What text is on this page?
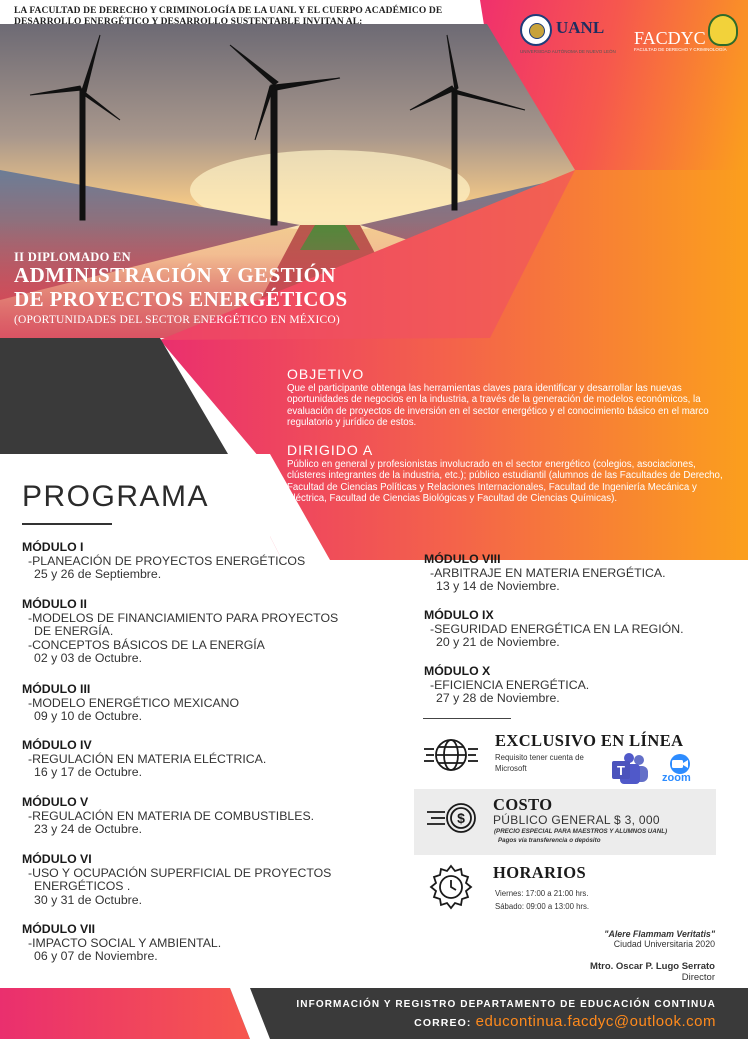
LA FACULTAD DE DERECHO Y CRIMINOLOGÍA DE LA UANL Y EL CUERPO ACADÉMICO DE DESARROLLO ENERGÉTICO Y DESARROLLO SUSTENTABLE INVITAN AL:	UANL
UNIVERSIDAD AUTÓNOMA DE NUEVO LEÓN
FACDYC
FACULTAD DE DERECHO Y CRIMINOLOGÍA
II DIPLOMADO EN
ADMINISTRACIÓN Y GESTIÓN
DE PROYECTOS ENERGÉTICOS
(OPORTUNIDADES DEL SECTOR ENERGÉTICO EN MÉXICO)
OBJETIVO
Que el participante obtenga las herramientas claves para identificar y desarrollar las nuevas oportunidades de negocios en la industria, a través de la generación de modelos económicos, la evaluación de proyectos de inversión en el sector energético y el conocimiento básico en el marco regulatorio y jurídico de estos.
DIRIGIDO A
Público en general y profesionistas involucrado en el sector energético (colegios, asociaciones, clústeres integrantes de la industria, etc.); público estudiantil (alumnos de las Facultades de Derecho, Facultad de Ciencias Políticas y Relaciones Internacionales, Facultad de Ingeniería Mecánica y Eléctrica, Facultad de Ciencias Biológicas y Facultad de Ciencias Químicas).
PROGRAMA
MÓDULO I
-PLANEACIÓN DE PROYECTOS ENERGÉTICOS
25 y 26 de Septiembre.
MÓDULO II
-MODELOS DE FINANCIAMIENTO PARA PROYECTOS
DE ENERGÍA.
-CONCEPTOS BÁSICOS DE LA ENERGÍA
02 y 03 de Octubre.
MÓDULO III
-MODELO ENERGÉTICO MEXICANO
09 y 10 de Octubre.
MÓDULO IV
-REGULACIÓN EN MATERIA ELÉCTRICA.
16 y 17 de Octubre.
MÓDULO V
-REGULACIÓN EN MATERIA DE COMBUSTIBLES.
23 y 24 de Octubre.
MÓDULO VI
-USO Y OCUPACIÓN SUPERFICIAL DE PROYECTOS
ENERGÉTICOS .
30 y 31 de Octubre.
MÓDULO VII
-IMPACTO SOCIAL Y AMBIENTAL.
06 y 07 de Noviembre.
MÓDULO VIII
-ARBITRAJE EN MATERIA ENERGÉTICA.
13 y 14 de Noviembre.
MÓDULO IX
-SEGURIDAD ENERGÉTICA EN LA REGIÓN.
20 y 21 de Noviembre.
MÓDULO X
-EFICIENCIA ENERGÉTICA.
27 y 28 de Noviembre.
EXCLUSIVO EN LÍNEA
Requisito tener cuenta de
Microsoft	T	zoom
$
COSTO
PÚBLICO GENERAL $ 3, 000
(PRECIO ESPECIAL PARA MAESTROS Y ALUMNOS UANL)
Pagos vía transferencia o depósito
HORARIOS
Viernes: 17:00 a 21:00 hrs.
Sábado: 09:00 a 13:00 hrs.
"Alere Flammam Veritatis"
Ciudad Universitaria 2020
Mtro. Oscar P. Lugo Serrato
Director
INFORMACIÓN Y REGISTRO DEPARTAMENTO DE EDUCACIÓN CONTINUA
CORREO: educontinua.facdyc@outlook.com
